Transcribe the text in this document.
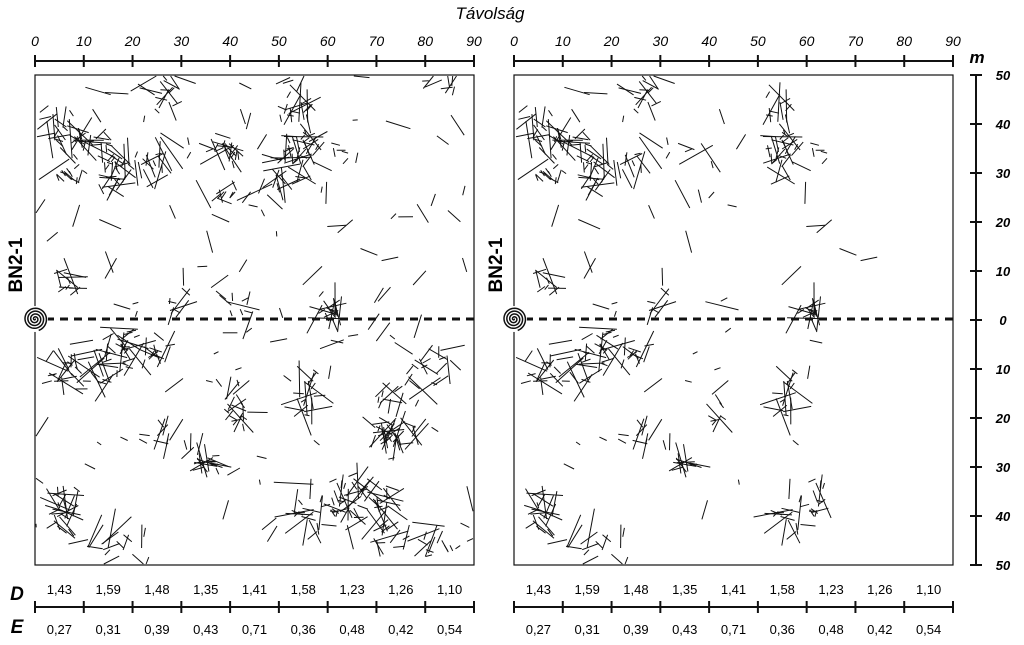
Távolság
0	10 20 30 40 50 60 70 80 90 0	10 20 30 40 50 60 70 80 90
m
50
40
30
20
10
0
10
20
30
40
50
BN2-1	BN2-1
D
E
1,43 1,59 1,48 1,35 1,41 1,58 1,23 1,26 1,10
0,27 0,31 0,39 0,43 0,71 0,36 0,48 0,42 0,54
1,43 1,59 1,48 1,35 1,41 1,58 1,23 1,26 1,10
0,27 0,31 0,39 0,43 0,71 0,36 0,48 0,42 0,54
